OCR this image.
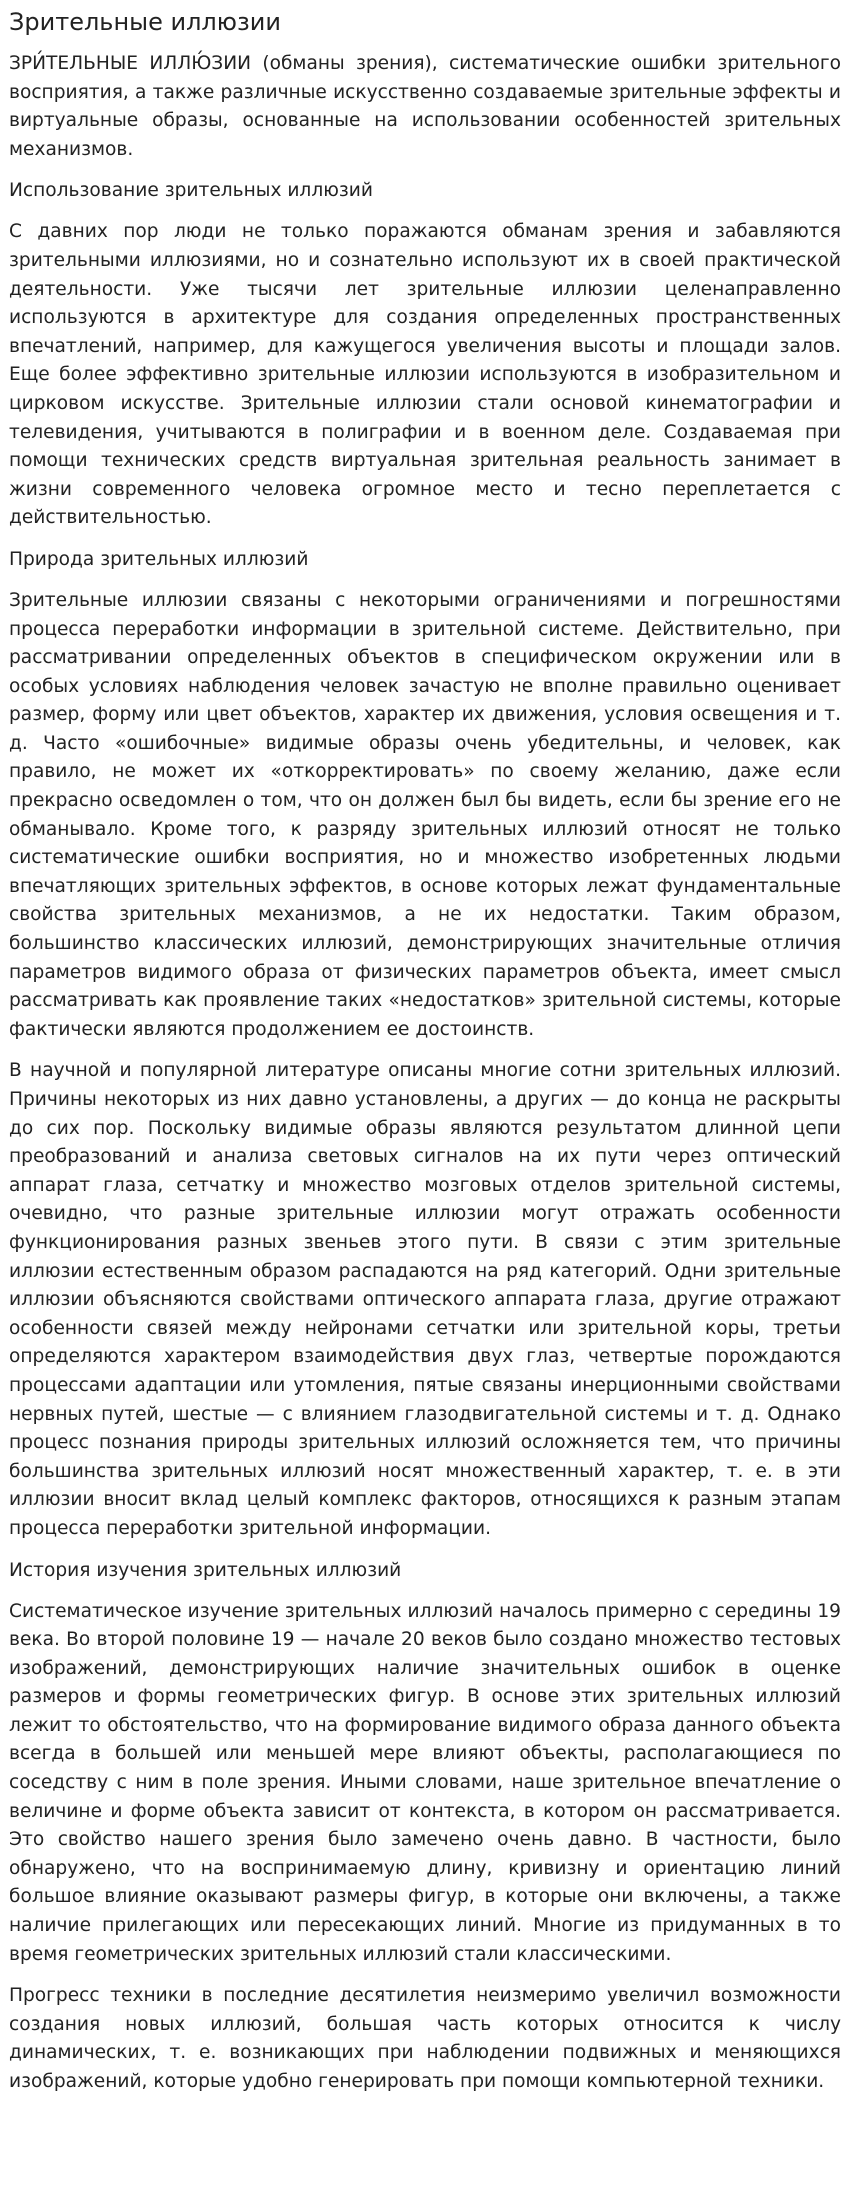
Зрительные иллюзии

ЗРИ́ТЕЛЬНЫЕ ИЛЛЮ́ЗИИ (обманы зрения), систематические ошибки зрительного восприятия, а также различные искусственно создаваемые зрительные эффекты и виртуальные образы, основанные на использовании особенностей зрительных механизмов.

Использование зрительных иллюзий

С давних пор люди не только поражаются обманам зрения и забавляются зрительными иллюзиями, но и сознательно используют их в своей практической деятельности. Уже тысячи лет зрительные иллюзии целенаправленно используются в архитектуре для создания определенных пространственных впечатлений, например, для кажущегося увеличения высоты и площади залов. Еще более эффективно зрительные иллюзии используются в изобразительном и цирковом искусстве. Зрительные иллюзии стали основой кинематографии и телевидения, учитываются в полиграфии и в военном деле. Создаваемая при помощи технических средств виртуальная зрительная реальность занимает в жизни современного человека огромное место и тесно переплетается с действительностью.

Природа зрительных иллюзий

Зрительные иллюзии связаны с некоторыми ограничениями и погрешностями процесса переработки информации в зрительной системе. Действительно, при рассматривании определенных объектов в специфическом окружении или в особых условиях наблюдения человек зачастую не вполне правильно оценивает размер, форму или цвет объектов, характер их движения, условия освещения и т. д. Часто «ошибочные» видимые образы очень убедительны, и человек, как правило, не может их «откорректировать» по своему желанию, даже если прекрасно осведомлен о том, что он должен был бы видеть, если бы зрение его не обманывало. Кроме того, к разряду зрительных иллюзий относят не только систематические ошибки восприятия, но и множество изобретенных людьми впечатляющих зрительных эффектов, в основе которых лежат фундаментальные свойства зрительных механизмов, а не их недостатки. Таким образом, большинство классических иллюзий, демонстрирующих значительные отличия параметров видимого образа от физических параметров объекта, имеет смысл рассматривать как проявление таких «недостатков» зрительной системы, которые фактически являются продолжением ее достоинств.

В научной и популярной литературе описаны многие сотни зрительных иллюзий. Причины некоторых из них давно установлены, а других — до конца не раскрыты до сих пор. Поскольку видимые образы являются результатом длинной цепи преобразований и анализа световых сигналов на их пути через оптический аппарат глаза, сетчатку и множество мозговых отделов зрительной системы, очевидно, что разные зрительные иллюзии могут отражать особенности функционирования разных звеньев этого пути. В связи с этим зрительные иллюзии естественным образом распадаются на ряд категорий. Одни зрительные иллюзии объясняются свойствами оптического аппарата глаза, другие отражают особенности связей между нейронами сетчатки или зрительной коры, третьи определяются характером взаимодействия двух глаз, четвертые порождаются процессами адаптации или утомления, пятые связаны инерционными свойствами нервных путей, шестые — с влиянием глазодвигательной системы и т. д. Однако процесс познания природы зрительных иллюзий осложняется тем, что причины большинства зрительных иллюзий носят множественный характер, т. е. в эти иллюзии вносит вклад целый комплекс факторов, относящихся к разным этапам процесса переработки зрительной информации.

История изучения зрительных иллюзий

Систематическое изучение зрительных иллюзий началось примерно с середины 19 века. Во второй половине 19 — начале 20 веков было создано множество тестовых изображений, демонстрирующих наличие значительных ошибок в оценке размеров и формы геометрических фигур. В основе этих зрительных иллюзий лежит то обстоятельство, что на формирование видимого образа данного объекта всегда в большей или меньшей мере влияют объекты, располагающиеся по соседству с ним в поле зрения. Иными словами, наше зрительное впечатление о величине и форме объекта зависит от контекста, в котором он рассматривается. Это свойство нашего зрения было замечено очень давно. В частности, было обнаружено, что на воспринимаемую длину, кривизну и ориентацию линий большое влияние оказывают размеры фигур, в которые они включены, а также наличие прилегающих или пересекающих линий. Многие из придуманных в то время геометрических зрительных иллюзий стали классическими.

Прогресс техники в последние десятилетия неизмеримо увеличил возможности создания новых иллюзий, большая часть которых относится к числу динамических, т. е. возникающих при наблюдении подвижных и меняющихся изображений, которые удобно генерировать при помощи компьютерной техники.
